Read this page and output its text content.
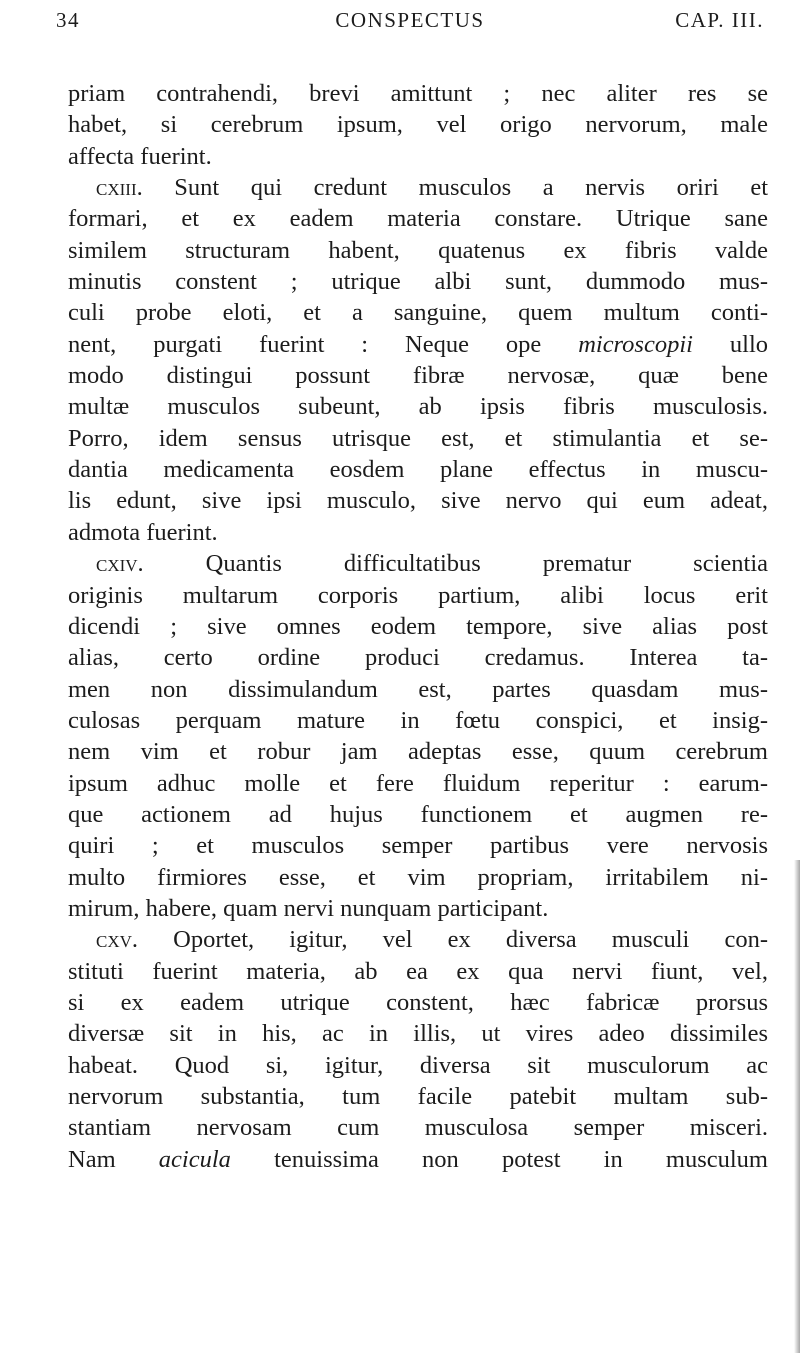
34	CONSPECTUS	CAP. III.

priam contrahendi, brevi amittunt ; nec aliter res se

habet, si cerebrum ipsum, vel origo nervorum, male

affecta fuerint.

cxiii. Sunt qui credunt musculos a nervis oriri et

formari, et ex eadem materia constare. Utrique sane

similem structuram habent, quatenus ex fibris valde

minutis constent ; utrique albi sunt, dummodo mus-

culi probe eloti, et a sanguine, quem multum conti-

nent, purgati fuerint : Neque ope microscopii ullo

modo distingui possunt fibræ nervosæ, quæ bene

multæ musculos subeunt, ab ipsis fibris musculosis.

Porro, idem sensus utrisque est, et stimulantia et se-

dantia medicamenta eosdem plane effectus in muscu-

lis edunt, sive ipsi musculo, sive nervo qui eum adeat,

admota fuerint.

cxiv.	Quantis difficultatibus prematur scientia

originis multarum corporis partium, alibi locus erit

dicendi ; sive omnes eodem tempore, sive alias post

alias, certo ordine produci credamus. Interea ta-

men non dissimulandum est, partes quasdam mus-

culosas perquam mature in fœtu conspici, et insig-

nem vim et robur jam adeptas esse, quum cerebrum

ipsum adhuc molle et fere fluidum reperitur : earum-

que actionem ad hujus functionem et augmen re-

quiri ; et musculos semper partibus vere nervosis

multo firmiores esse, et vim propriam, irritabilem ni-

mirum, habere, quam nervi nunquam participant.

cxv. Oportet, igitur, vel ex diversa musculi con-

stituti fuerint materia, ab ea ex qua nervi fiunt, vel,

si ex eadem utrique constent, hæc fabricæ prorsus

diversæ sit in his, ac in illis, ut vires adeo dissimiles

habeat. Quod si, igitur, diversa sit musculorum ac

nervorum substantia, tum facile patebit multam sub-

stantiam nervosam cum musculosa semper misceri.

Nam acicula tenuissima non potest in musculum
